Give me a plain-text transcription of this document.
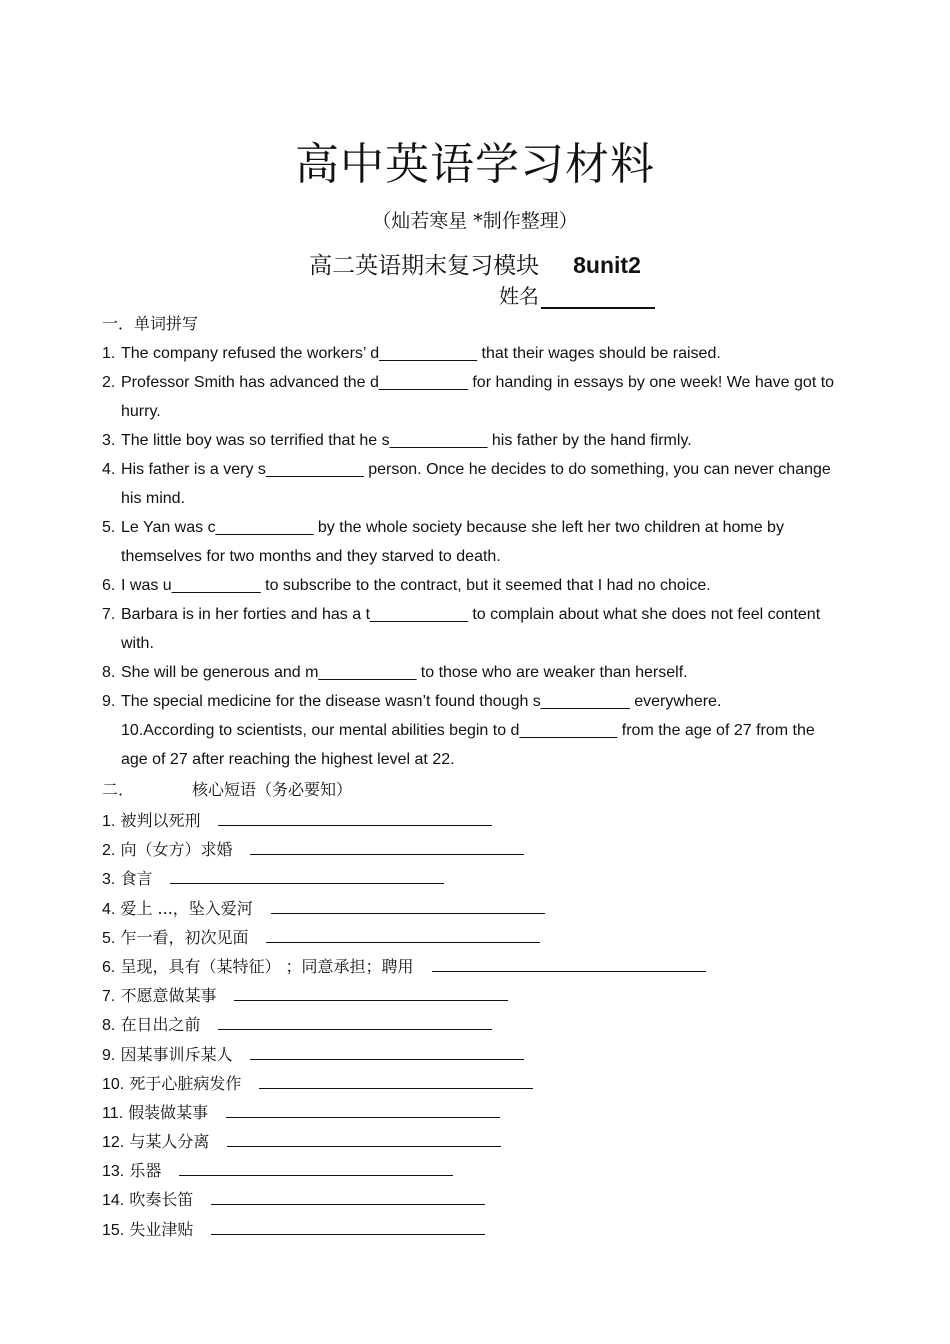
高中英语学习材料
（灿若寒星 *制作整理）
高二英语期末复习模块 8unit2
姓名
一．单词拼写
1. The company refused the workers’ d___________ that their wages should be raised.
2. Professor Smith has advanced the d__________ for handing in essays by one week! We have got to hurry.
3. The little boy was so terrified that he s___________ his father by the hand firmly.
4. His father is a very s___________ person. Once he decides to do something, you can never change his mind.
5. Le Yan was c___________ by the whole society because she left her two children at home by themselves for two months and they starved to death.
6. I was u__________ to subscribe to the contract, but it seemed that I had no choice.
7. Barbara is in her forties and has a t___________ to complain about what she does not feel content with.
8. She will be generous and m___________ to those who are weaker than herself.
9. The special medicine for the disease wasn’t found though s__________ everywhere.
10.According to scientists, our mental abilities begin to d___________ from the age of 27 from the age of 27 after reaching the highest level at 22.
二．	核心短语（务必要知）
1. 被判以死刑
2. 向（女方）求婚
3. 食言
4. 爱上 ...，坠入爱河
5. 乍一看，初次见面
6. 呈现，具有（某特征） ；同意承担；聘用
7. 不愿意做某事
8. 在日出之前
9. 因某事训斥某人
10. 死于心脏病发作
11. 假装做某事
12. 与某人分离
13. 乐器
14. 吹奏长笛
15. 失业津贴
